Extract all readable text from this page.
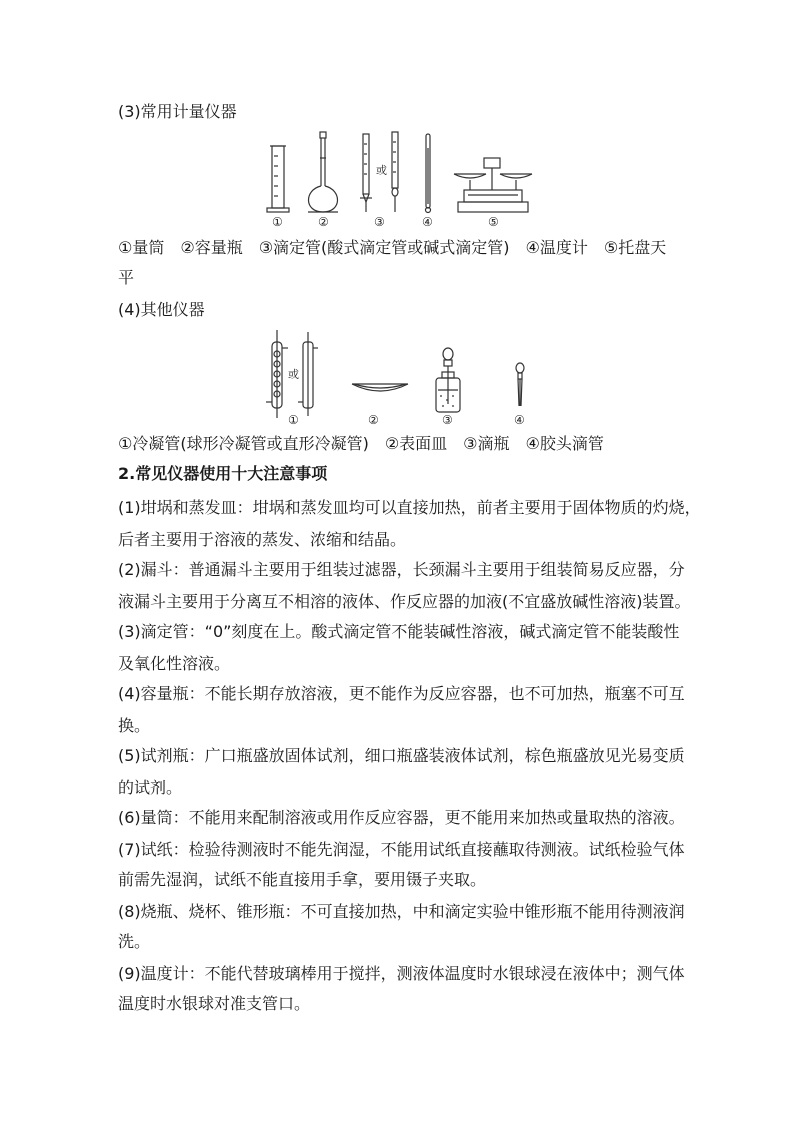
(3)常用计量仪器
或
①	②	③	④	⑤
①量筒　②容量瓶　③滴定管(酸式滴定管或碱式滴定管)　④温度计　⑤托盘天
平
(4)其他仪器
或
①	②	③	④
①冷凝管(球形冷凝管或直形冷凝管)　②表面皿　③滴瓶　④胶头滴管
2.常见仪器使用十大注意事项
(1)坩埚和蒸发皿：坩埚和蒸发皿均可以直接加热，前者主要用于固体物质的灼烧，
后者主要用于溶液的蒸发、浓缩和结晶。
(2)漏斗：普通漏斗主要用于组装过滤器，长颈漏斗主要用于组装简易反应器，分
液漏斗主要用于分离互不相溶的液体、作反应器的加液(不宜盛放碱性溶液)装置。
(3)滴定管：“0”刻度在上。酸式滴定管不能装碱性溶液，碱式滴定管不能装酸性
及氧化性溶液。
(4)容量瓶：不能长期存放溶液，更不能作为反应容器，也不可加热，瓶塞不可互
换。
(5)试剂瓶：广口瓶盛放固体试剂，细口瓶盛装液体试剂，棕色瓶盛放见光易变质
的试剂。
(6)量筒：不能用来配制溶液或用作反应容器，更不能用来加热或量取热的溶液。
(7)试纸：检验待测液时不能先润湿，不能用试纸直接蘸取待测液。试纸检验气体
前需先湿润，试纸不能直接用手拿，要用镊子夹取。
(8)烧瓶、烧杯、锥形瓶：不可直接加热，中和滴定实验中锥形瓶不能用待测液润
洗。
(9)温度计：不能代替玻璃棒用于搅拌，测液体温度时水银球浸在液体中；测气体
温度时水银球对准支管口。
